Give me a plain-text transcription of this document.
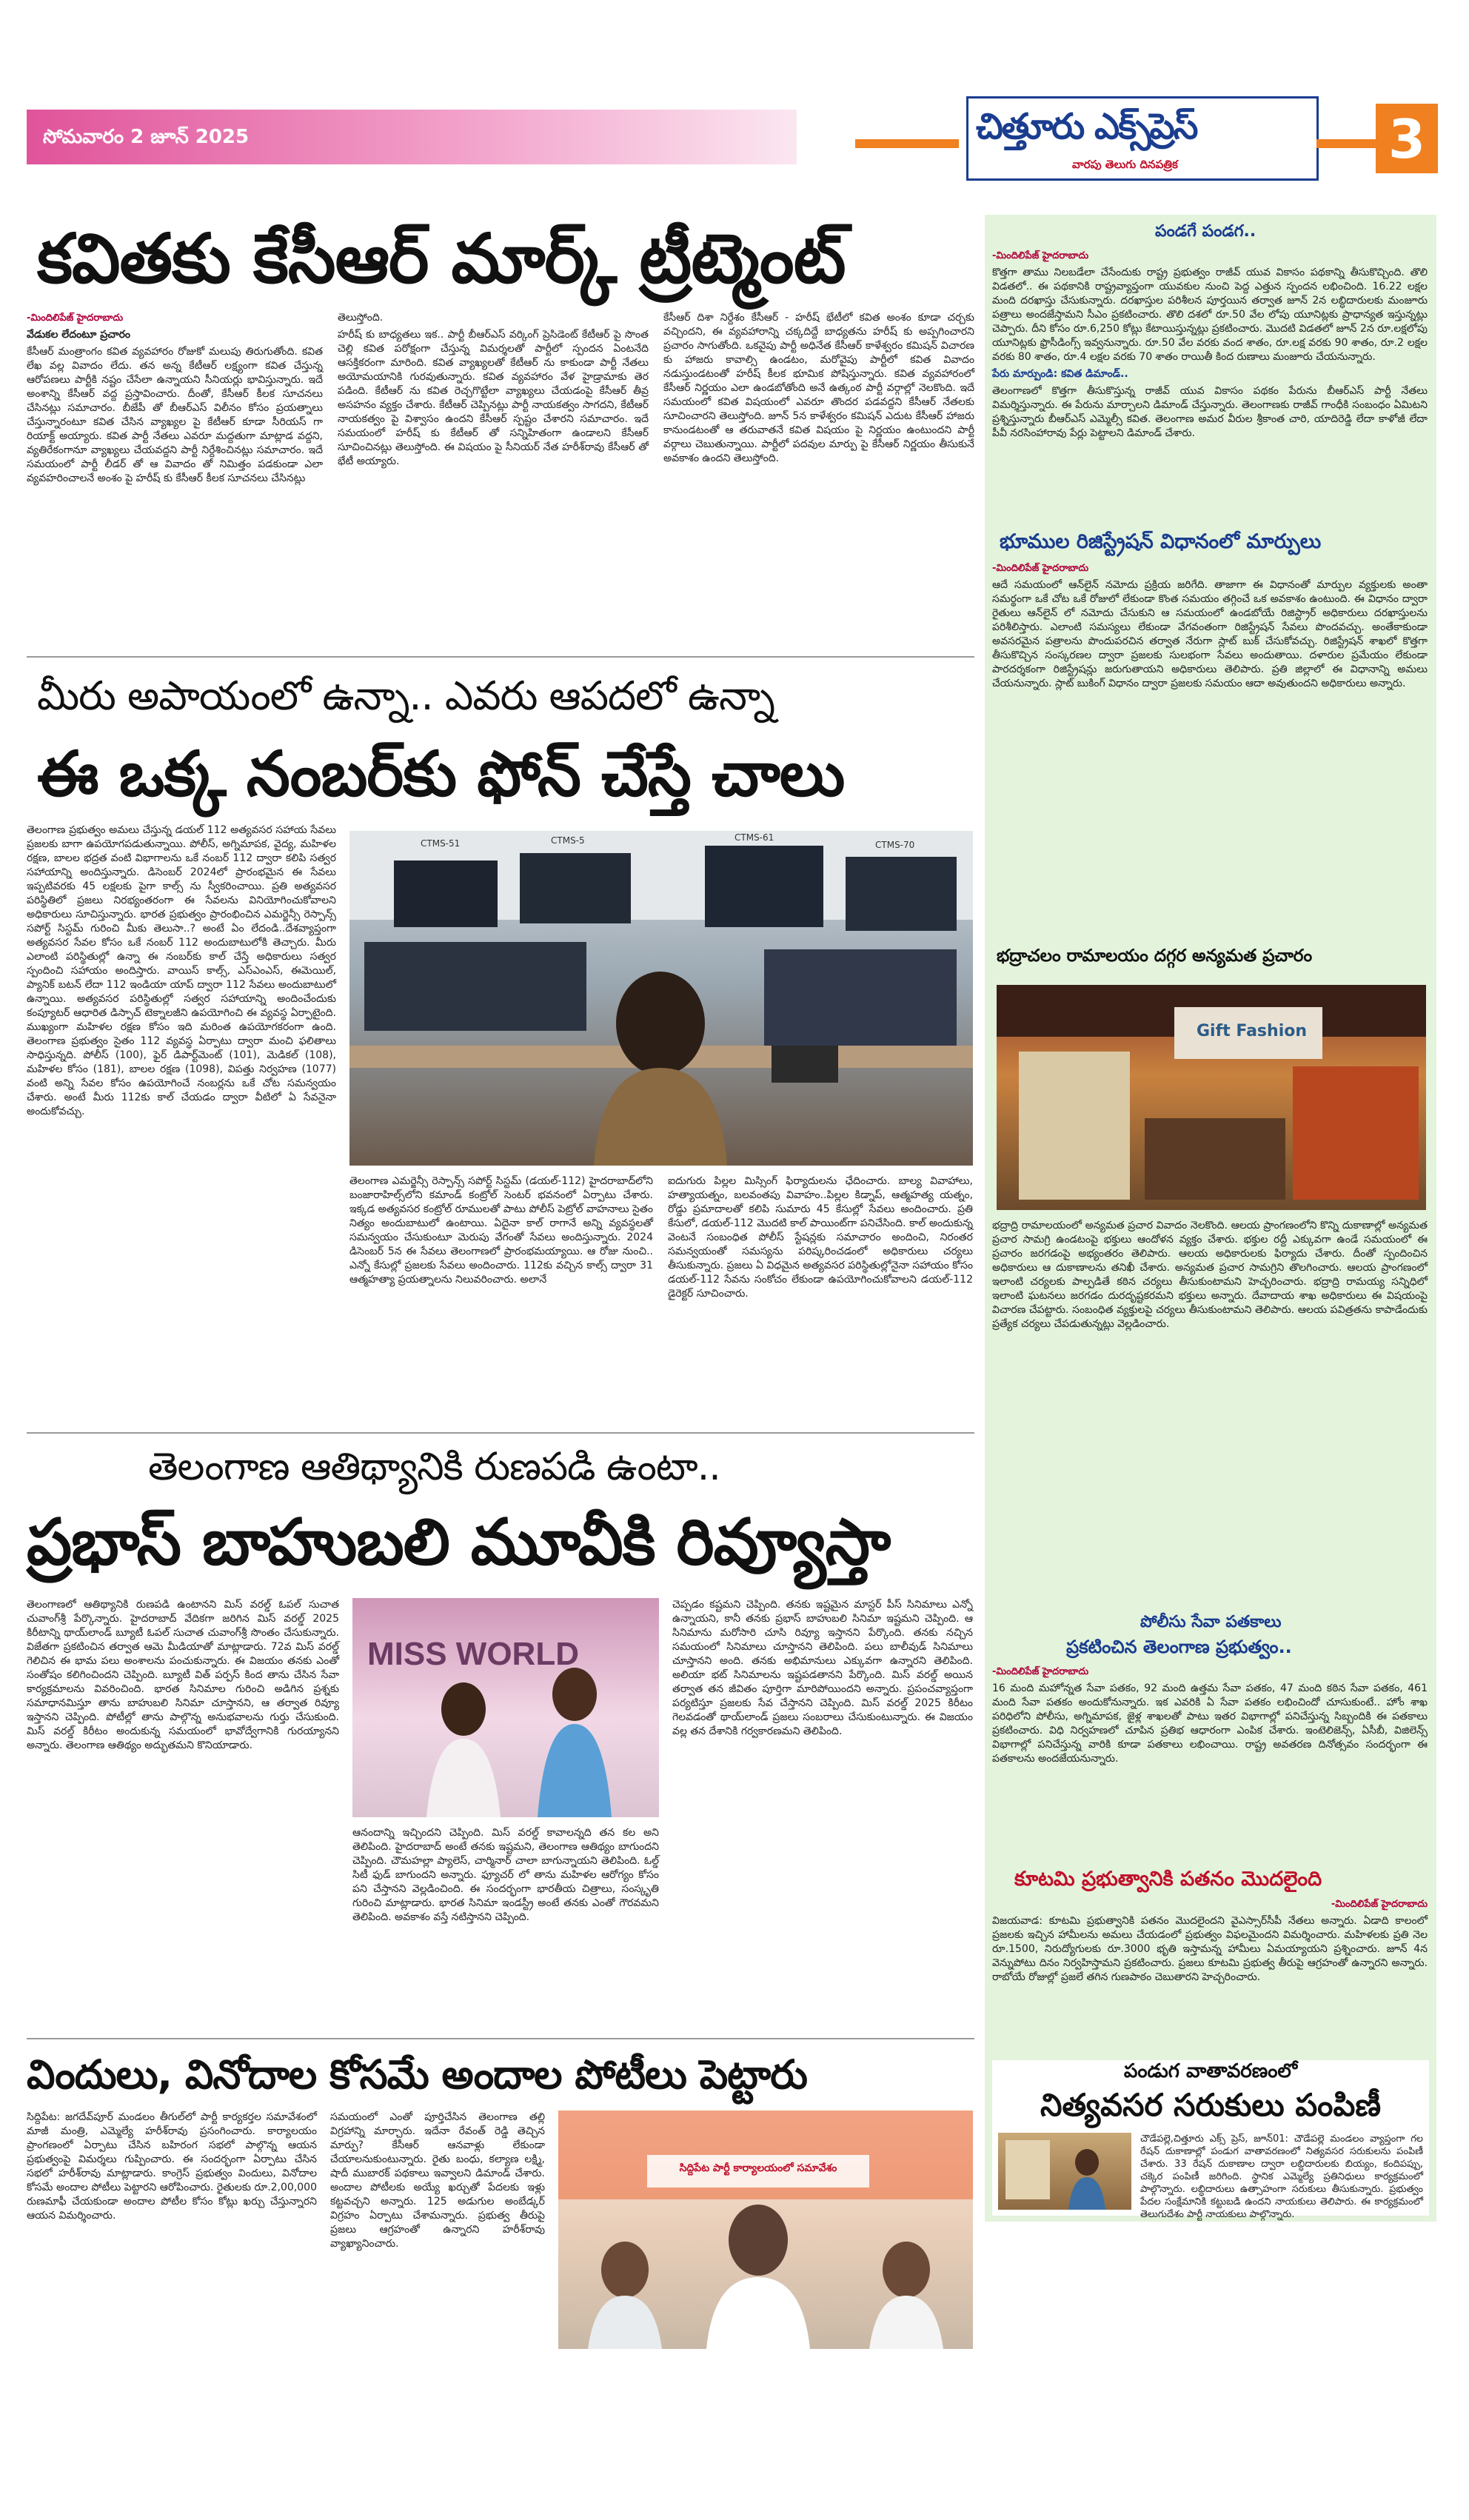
సోమవారం 2 జూన్ 2025	చిత్తూరు ఎక్స్‌ప్రెస్
వారపు తెలుగు దినపత్రిక	3
కవితకు కేసీఆర్ మార్క్ ట్రీట్మెంట్
-మిందిలిపేజ్ హైదరాబాదు

వేడుకల లేదంటూ ప్రచారం

కేసీఆర్ మంత్రాంగం కవిత వ్యవహారం రోజుకో మలుపు తిరుగుతోంది. కవిత లేఖ వల్ల వివాదం లేదు. తన అన్న కేటీఆర్ లక్ష్యంగా కవిత చేస్తున్న ఆరోపణలు పార్టీకి నష్టం చేసేలా ఉన్నాయని సీనియర్లు భావిస్తున్నారు. ఇదే అంశాన్ని కేసీఆర్ వద్ద ప్రస్తావించారు. దీంతో, కేసీఆర్ కీలక సూచనలు చేసినట్లు సమాచారం. బీజేపీ తో బీఆర్ఎస్ విలీనం కోసం ప్రయత్నాలు చేస్తున్నారంటూ కవిత చేసిన వ్యాఖ్యల పై కేటీఆర్ కూడా సీరియస్ గా రియాక్ట్ అయ్యారు. కవిత పార్టీ నేతలు ఎవరూ మద్దతుగా మాట్లాడ వద్దని, వ్యతిరేకంగానూ వ్యాఖ్యలు చేయవద్దని పార్టీ నిర్దేశించినట్లు సమాచారం. ఇదే సమయంలో పార్టీ లీడర్ తో ఆ వివాదం తో నిమిత్తం పడకుండా ఎలా వ్యవహరించాలనే అంశం పై హరీష్ కు కేసీఆర్ కీలక సూచనలు చేసినట్లు

తెలుస్తోంది.

హరీష్ కు బాధ్యతలు ఇక.. పార్టీ బీఆర్ఎస్ వర్కింగ్ ప్రెసిడెంట్ కేటీఆర్ పై సొంత చెల్లి కవిత పరోక్షంగా చేస్తున్న విమర్శలతో పార్టీలో స్పందన ఏంటనేది ఆసక్తికరంగా మారింది. కవిత వ్యాఖ్యలతో కేటీఆర్ ను కాకుండా పార్టీ నేతలు అయోమయానికి గురవుతున్నారు. కవిత వ్యవహారం వేళ హైడ్రామాకు తెర పడింది. కేటీఆర్ ను కవిత రెచ్చగొట్టేలా వ్యాఖ్యలు చేయడంపై కేసీఆర్ తీవ్ర అసహనం వ్యక్తం చేశారు. కేటీఆర్ చెప్పినట్లు పార్టీ నాయకత్వం సాగదని, కేటీఆర్ నాయకత్వం పై విశ్వాసం ఉందని కేసీఆర్ స్పష్టం చేశారని సమాచారం. ఇదే సమయంలో హరీష్ కు కేటీఆర్ తో సన్నిహితంగా ఉండాలని కేసీఆర్ సూచించినట్లు తెలుస్తోంది. ఈ విషయం పై సీనియర్ నేత హరీశ్‌రావు కేసీఆర్ తో భేటీ అయ్యారు.

కేసీఆర్ దిశా నిర్దేశం కేసీఆర్ - హరీష్ భేటీలో కవిత అంశం కూడా చర్చకు వచ్చిందని, ఈ వ్యవహారాన్ని చక్కదిద్దే బాధ్యతను హరీష్ కు అప్పగించారని ప్రచారం సాగుతోంది. ఒకవైపు పార్టీ అధినేత కేసీఆర్ కాళేశ్వరం కమిషన్ విచారణ కు హాజరు కావాల్సి ఉండటం, మరోవైపు పార్టీలో కవిత వివాదం నడుస్తుండటంతో హరీష్ కీలక భూమిక పోషిస్తున్నారు. కవిత వ్యవహారంలో కేసీఆర్ నిర్ణయం ఎలా ఉండబోతోంది అనే ఉత్కంఠ పార్టీ వర్గాల్లో నెలకొంది. ఇదే సమయంలో కవిత విషయంలో ఎవరూ తొందర పడవద్దని కేసీఆర్ నేతలకు సూచించారని తెలుస్తోంది. జూన్ 5న కాళేశ్వరం కమిషన్ ఎదుట కేసీఆర్ హాజరు కానుండటంతో ఆ తరువాతనే కవిత విషయం పై నిర్ణయం ఉంటుందని పార్టీ వర్గాలు చెబుతున్నాయి. పార్టీలో పదవుల మార్పు పై కేసీఆర్ నిర్ణయం తీసుకునే అవకాశం ఉందని తెలుస్తోంది.

మీరు అపాయంలో ఉన్నా.. ఎవరు ఆపదలో ఉన్నా
ఈ ఒక్క నంబర్‌కు ఫోన్ చేస్తే చాలు

తెలంగాణ ప్రభుత్వం అమలు చేస్తున్న డయల్ 112 అత్యవసర సహాయ సేవలు ప్రజలకు బాగా ఉపయోగపడుతున్నాయి. పోలీస్, అగ్నిమాపక, వైద్య, మహిళల రక్షణ, బాలల భద్రత వంటి విభాగాలను ఒకే నంబర్ 112 ద్వారా కలిపి సత్వర సహాయాన్ని అందిస్తున్నారు. డిసెంబర్ 2024లో ప్రారంభమైన ఈ సేవలు ఇప్పటివరకు 45 లక్షలకు పైగా కాల్స్ ను స్వీకరించాయి. ప్రతి అత్యవసర పరిస్థితిలో ప్రజలు నిరభ్యంతరంగా ఈ సేవలను వినియోగించుకోవాలని అధికారులు సూచిస్తున్నారు. భారత ప్రభుత్వం ప్రారంభించిన ఎమర్జెన్సీ రెస్పాన్స్ సపోర్ట్ సిస్టమ్ గురించి మీకు తెలుసా..? అంటే ఏం లేదండి..దేశవ్యాప్తంగా అత్యవసర సేవల కోసం ఒకే నంబర్ 112 అందుబాటులోకి తెచ్చారు. మీరు ఎలాంటి పరిస్థితుల్లో ఉన్నా ఈ నంబర్‌కు కాల్ చేస్తే అధికారులు సత్వర స్పందించి సహాయం అందిస్తారు. వాయిస్ కాల్స్, ఎస్ఎంఎస్, ఈమెయిల్, ప్యానిక్ బటన్ లేదా 112 ఇండియా యాప్ ద్వారా 112 సేవలు అందుబాటులో ఉన్నాయి. అత్యవసర పరిస్థితుల్లో సత్వర సహాయాన్ని అందించేందుకు కంప్యూటర్ ఆధారిత డిస్పాచ్ టెక్నాలజీని ఉపయోగించి ఈ వ్యవస్థ ఏర్పాటైంది. ముఖ్యంగా మహిళల రక్షణ కోసం ఇది మరింత ఉపయోగకరంగా ఉంది. తెలంగాణ ప్రభుత్వం సైతం 112 వ్యవస్థ ఏర్పాటు ద్వారా మంచి ఫలితాలు సాధిస్తున్నది. పోలీస్ (100), ఫైర్ డిపార్ట్‌మెంట్ (101), మెడికల్ (108), మహిళల కోసం (181), బాలల రక్షణ (1098), విపత్తు నిర్వహణ (1077) వంటి అన్ని సేవల కోసం ఉపయోగించే నంబర్లను ఒకే చోట సమన్వయం చేశారు. అంటే మీరు 112కు కాల్ చేయడం ద్వారా వీటిలో ఏ సేవనైనా అందుకోవచ్చు.

CTMS-51	CTMS-5	CTMS-61
CTMS-70

తెలంగాణ ఎమర్జెన్సీ రెస్పాన్స్ సపోర్ట్ సిస్టమ్ (డయల్-112) హైదరాబాద్‌లోని బంజారాహిల్స్‌లోని కమాండ్ కంట్రోల్ సెంటర్ భవనంలో ఏర్పాటు చేశారు. ఇక్కడ అత్యవసర కంట్రోల్ రూములతో పాటు పోలీస్ పెట్రోల్ వాహనాలు సైతం నిత్యం అందుబాటులో ఉంటాయి. ఏదైనా కాల్ రాగానే అన్ని వ్యవస్థలతో సమన్వయం చేసుకుంటూ మెరుపు వేగంతో సేవలు అందిస్తున్నారు. 2024 డిసెంబర్ 5న ఈ సేవలు తెలంగాణలో ప్రారంభమయ్యాయి. ఆ రోజు నుంచి.. ఎన్నో కేసుల్లో ప్రజలకు సేవలు అందించారు. 112కు వచ్చిన కాల్స్ ద్వారా 31 ఆత్మహత్యా ప్రయత్నాలను నిలువరించారు. అలానే

ఐదుగురు పిల్లల మిస్సింగ్ ఫిర్యాదులను ఛేదించారు. బాల్య వివాహాలు, హత్యాయత్నం, బలవంతపు వివాహం..పిల్లల కిడ్నాప్, ఆత్మహత్య యత్నం, రోడ్డు ప్రమాదాలతో కలిపి సుమారు 45 కేసుల్లో సేవలు అందించారు. ప్రతి కేసులో, డయల్-112 మొదటి కాల్ పాయింట్‌గా పనిచేసింది. కాల్ అందుకున్న వెంటనే సంబంధిత పోలీస్ స్టేషన్లకు సమాచారం అందించి, నిరంతర సమన్వయంతో సమస్యను పరిష్కరించడంలో అధికారులు చర్యలు తీసుకున్నారు. ప్రజలు ఏ విధమైన అత్యవసర పరిస్థితుల్లోనైనా సహాయం కోసం డయల్-112 సేవను సంకోచం లేకుండా ఉపయోగించుకోవాలని డయల్-112 డైరెక్టర్ సూచించారు.

తెలంగాణ ఆతిథ్యానికి రుణపడి ఉంటా..
ప్రభాస్ బాహుబలి మూవీకి రివ్యూస్తా

తెలంగాణలో ఆతిథ్యానికి రుణపడి ఉంటానని మిస్ వరల్డ్ ఓపల్ సుచాత చువాంగ్‌శ్రీ పేర్కొన్నారు. హైదరాబాద్ వేదికగా జరిగిన మిస్ వరల్డ్ 2025 కిరీటాన్ని థాయ్‌లాండ్ బ్యూటీ ఓపల్ సుచాత చువాంగ్‌శ్రీ సొంతం చేసుకున్నారు. విజేతగా ప్రకటించిన తర్వాత ఆమె మీడియాతో మాట్లాడారు. 72వ మిస్ వరల్డ్ గెలిచిన ఈ భామ పలు అంశాలను పంచుకున్నారు. ఈ విజయం తనకు ఎంతో సంతోషం కలిగించిందని చెప్పింది. బ్యూటీ విత్ పర్పస్ కింద తాను చేసిన సేవా కార్యక్రమాలను వివరించింది. భారత సినిమాల గురించి అడిగిన ప్రశ్నకు సమాధానమిస్తూ తాను బాహుబలి సినిమా చూస్తానని, ఆ తర్వాత రివ్యూ ఇస్తానని చెప్పింది. పోటీల్లో తాను పాల్గొన్న అనుభవాలను గుర్తు చేసుకుంది. మిస్ వరల్డ్ కిరీటం అందుకున్న సమయంలో భావోద్వేగానికి గురయ్యానని అన్నారు. తెలంగాణ ఆతిథ్యం అద్భుతమని కొనియాడారు.

MISS WORLD

ఆనందాన్ని ఇచ్చిందని చెప్పింది. మిస్ వరల్డ్ కావాలన్నది తన కల అని తెలిపింది. హైదరాబాద్ అంటే తనకు ఇష్టమని, తెలంగాణ ఆతిథ్యం బాగుందని చెప్పింది. చౌమహల్లా ప్యాలెస్, చార్మినార్ చాలా బాగున్నాయని తెలిపింది. ఓల్డ్ సిటీ ఫుడ్ బాగుందని అన్నారు. ఫ్యూచర్ లో తాను మహిళల ఆరోగ్యం కోసం పని చేస్తానని వెల్లడించింది. ఈ సందర్భంగా భారతీయ చిత్రాలు, సంస్కృతి గురించి మాట్లాడారు. భారత సినిమా ఇండస్ట్రీ అంటే తనకు ఎంతో గౌరవమని తెలిపింది. అవకాశం వస్తే నటిస్తానని చెప్పింది.

చెప్పడం కష్టమని చెప్పింది. తనకు ఇష్టమైన మాస్టర్ పీస్ సినిమాలు ఎన్నో ఉన్నాయని, కానీ తనకు ప్రభాస్ బాహుబలి సినిమా ఇష్టమని చెప్పింది. ఆ సినిమాను మరోసారి చూసి రివ్యూ ఇస్తానని పేర్కొంది. తనకు నచ్చిన సమయంలో సినిమాలు చూస్తానని తెలిపింది. పలు బాలీవుడ్ సినిమాలు చూస్తానని అంది. తనకు అభిమానులు ఎక్కువగా ఉన్నారని తెలిపింది. అలియా భట్ సినిమాలను ఇష్టపడతానని పేర్కొంది. మిస్ వరల్డ్ అయిన తర్వాత తన జీవితం పూర్తిగా మారిపోయిందని అన్నారు. ప్రపంచవ్యాప్తంగా పర్యటిస్తూ ప్రజలకు సేవ చేస్తానని చెప్పింది. మిస్ వరల్డ్ 2025 కిరీటం గెలవడంతో థాయ్‌లాండ్ ప్రజలు సంబరాలు చేసుకుంటున్నారు. ఈ విజయం వల్ల తన దేశానికి గర్వకారణమని తెలిపింది.

విందులు, వినోదాల కోసమే అందాల పోటీలు పెట్టారు

సిద్దిపేట: జగదేవ్‌పూర్ మండలం తీగుల్‌లో పార్టీ కార్యకర్తల సమావేశంలో మాజీ మంత్రి, ఎమ్మెల్యే హరీశ్‌రావు ప్రసంగించారు. కార్యాలయం ప్రాంగణంలో ఏర్పాటు చేసిన బహిరంగ సభలో పాల్గొన్న ఆయన ప్రభుత్వంపై విమర్శలు గుప్పించారు. ఈ సందర్భంగా ఏర్పాటు చేసిన సభలో హరీశ్‌రావు మాట్లాడారు. కాంగ్రెస్ ప్రభుత్వం విందులు, వినోదాల కోసమే అందాల పోటీలు పెట్టారని ఆరోపించారు. రైతులకు రూ.2,00,000 రుణమాఫీ చేయకుండా అందాల పోటీల కోసం కోట్లు ఖర్చు చేస్తున్నారని ఆయన విమర్శించారు.

సమయంలో ఎంతో పూర్తిచేసిన తెలంగాణ తల్లి విగ్రహాన్ని మార్చారు. ఇదేనా రేవంత్ రెడ్డి తెచ్చిన మార్పు? కేసీఆర్ ఆనవాళ్లు లేకుండా చేయాలనుకుంటున్నారు. రైతు బంధు, కల్యాణ లక్ష్మి, షాదీ ముబారక్ పథకాలు ఇవ్వాలని డిమాండ్ చేశారు. అందాల పోటీలకు అయ్యే ఖర్చుతో పేదలకు ఇళ్లు కట్టవచ్చని అన్నారు. 125 అడుగుల అంబేడ్కర్ విగ్రహం ఏర్పాటు చేశామన్నారు. ప్రభుత్వ తీరుపై ప్రజలు ఆగ్రహంతో ఉన్నారని హరీశ్‌రావు వ్యాఖ్యానించారు.

సిద్దిపేట పార్టీ కార్యాలయంలో సమావేశం
పండగే పండగ..
-మిందిలిపేజ్ హైదరాబాదు

కొత్తగా తాము నిలబడేలా చేసేందుకు రాష్ట్ర ప్రభుత్వం రాజీవ్ యువ వికాసం పథకాన్ని తీసుకొచ్చింది. తొలి విడతలో.. ఈ పథకానికి రాష్ట్రవ్యాప్తంగా యువకుల నుంచి పెద్ద ఎత్తున స్పందన లభించింది. 16.22 లక్షల మంది దరఖాస్తు చేసుకున్నారు. దరఖాస్తుల పరిశీలన పూర్తయిన తర్వాత జూన్ 2న లబ్ధిదారులకు మంజూరు పత్రాలు అందజేస్తామని సీఎం ప్రకటించారు. తొలి దశలో రూ.50 వేల లోపు యూనిట్లకు ప్రాధాన్యత ఇస్తున్నట్లు చెప్పారు. దీని కోసం రూ.6,250 కోట్లు కేటాయిస్తున్నట్లు ప్రకటించారు. మొదటి విడతలో జూన్ 2న రూ.లక్షలోపు యూనిట్లకు ఫ్రొసీడింగ్స్ ఇవ్వనున్నారు. రూ.50 వేల వరకు వంద శాతం, రూ.లక్ష వరకు 90 శాతం, రూ.2 లక్షల వరకు 80 శాతం, రూ.4 లక్షల వరకు 70 శాతం రాయితీ కింద రుణాలు మంజూరు చేయనున్నారు.

పేరు మార్పుండి: కవిత డిమాండ్..

తెలంగాణలో కొత్తగా తీసుకొస్తున్న రాజీవ్ యువ వికాసం పథకం పేరును బీఆర్ఎస్ పార్టీ నేతలు విమర్శిస్తున్నారు. ఈ పేరును మార్చాలని డిమాండ్ చేస్తున్నారు. తెలంగాణకు రాజీవ్ గాంధీకి సంబంధం ఏమిటని ప్రశ్నిస్తున్నారు బీఆర్ఎస్ ఎమ్మెల్సీ కవిత. తెలంగాణ అమర వీరుల శ్రీకాంత చారి, యాదిరెడ్డి లేదా కాళోజీ లేదా పీవీ నరసింహారావు పేర్లు పెట్టాలని డిమాండ్ చేశారు.

భూముల రిజిస్ట్రేషన్ విధానంలో మార్పులు
-మిందిలిపేజ్ హైదరాబాదు

ఆదే సమయంలో ఆన్‌లైన్ నమోదు ప్రక్రియ జరిగేది. తాజాగా ఈ విధానంతో మార్పుల వ్యక్తులకు అంతా సమర్థంగా ఒకే చోట ఒకే రోజులో లేకుండా కొంత సమయం తగ్గించే ఒక అవకాశం ఉంటుంది. ఈ విధానం ద్వారా రైతులు ఆన్‌లైన్ లో నమోదు చేసుకుని ఆ సమయంలో ఉండబోయే రిజిస్ట్రార్ అధికారులు దరఖాస్తులను పరిశీలిస్తారు. ఎలాంటి సమస్యలు లేకుండా వేగవంతంగా రిజిస్ట్రేషన్ సేవలు పొందవచ్చు. అంతేకాకుండా అవసరమైన పత్రాలను పొందుపరచిన తర్వాత నేరుగా స్లాట్ బుక్ చేసుకోవచ్చు. రిజిస్ట్రేషన్ శాఖలో కొత్తగా తీసుకొచ్చిన సంస్కరణల ద్వారా ప్రజలకు సులభంగా సేవలు అందుతాయి. దళారుల ప్రమేయం లేకుండా పారదర్శకంగా రిజిస్ట్రేషన్లు జరుగుతాయని అధికారులు తెలిపారు. ప్రతి జిల్లాలో ఈ విధానాన్ని అమలు చేయనున్నారు. స్లాట్ బుకింగ్ విధానం ద్వారా ప్రజలకు సమయం ఆదా అవుతుందని అధికారులు అన్నారు.

భద్రాచలం రామాలయం దగ్గర అన్యమత ప్రచారం
Gift Fashion

భద్రాద్రి రామాలయంలో అన్యమత ప్రచార వివాదం నెలకొంది. ఆలయ ప్రాంగణంలోని కొన్ని దుకాణాల్లో అన్యమత ప్రచార సామగ్రి ఉండటంపై భక్తులు ఆందోళన వ్యక్తం చేశారు. భక్తుల రద్దీ ఎక్కువగా ఉండే సమయంలో ఈ ప్రచారం జరగడంపై అభ్యంతరం తెలిపారు. ఆలయ అధికారులకు ఫిర్యాదు చేశారు. దీంతో స్పందించిన అధికారులు ఆ దుకాణాలను తనిఖీ చేశారు. అన్యమత ప్రచార సామగ్రిని తొలగించారు. ఆలయ ప్రాంగణంలో ఇలాంటి చర్యలకు పాల్పడితే కఠిన చర్యలు తీసుకుంటామని హెచ్చరించారు. భద్రాద్రి రామయ్య సన్నిధిలో ఇలాంటి ఘటనలు జరగడం దురదృష్టకరమని భక్తులు అన్నారు. దేవాదాయ శాఖ అధికారులు ఈ విషయంపై విచారణ చేపట్టారు. సంబంధిత వ్యక్తులపై చర్యలు తీసుకుంటామని తెలిపారు. ఆలయ పవిత్రతను కాపాడేందుకు ప్రత్యేక చర్యలు చేపడుతున్నట్లు వెల్లడించారు.

పోలీసు సేవా పతకాలు
ప్రకటించిన తెలంగాణ ప్రభుత్వం..
-మిందిలిపేజ్ హైదరాబాదు

16 మంది మహోన్నత సేవా పతకం, 92 మంది ఉత్తమ సేవా పతకం, 47 మంది కఠిన సేవా పతకం, 461 మంది సేవా పతకం అందుకోనున్నారు. ఇక ఎవరికి ఏ సేవా పతకం లభించిందో చూసుకుంటే.. హోం శాఖ పరిధిలోని పోలీసు, అగ్నిమాపక, జైళ్ల శాఖలతో పాటు ఇతర విభాగాల్లో పనిచేస్తున్న సిబ్బందికి ఈ పతకాలు ప్రకటించారు. విధి నిర్వహణలో చూపిన ప్రతిభ ఆధారంగా ఎంపిక చేశారు. ఇంటెలిజెన్స్, ఏసీబీ, విజిలెన్స్ విభాగాల్లో పనిచేస్తున్న వారికి కూడా పతకాలు లభించాయి. రాష్ట్ర అవతరణ దినోత్సవం సందర్భంగా ఈ పతకాలను అందజేయనున్నారు.

కూటమి ప్రభుత్వానికి పతనం మొదలైంది
-మిందిలిపేజ్ హైదరాబాదు

విజయవాడ: కూటమి ప్రభుత్వానికి పతనం మొదలైందని వైఎస్సార్‌సీపీ నేతలు అన్నారు. ఏడాది కాలంలో ప్రజలకు ఇచ్చిన హామీలను అమలు చేయడంలో ప్రభుత్వం విఫలమైందని విమర్శించారు. మహిళలకు ప్రతి నెల రూ.1500, నిరుద్యోగులకు రూ.3000 భృతి ఇస్తామన్న హామీలు ఏమయ్యాయని ప్రశ్నించారు. జూన్ 4న వెన్నుపోటు దినం నిర్వహిస్తామని ప్రకటించారు. ప్రజలు కూటమి ప్రభుత్వ తీరుపై ఆగ్రహంతో ఉన్నారని అన్నారు. రాబోయే రోజుల్లో ప్రజలే తగిన గుణపాఠం చెబుతారని హెచ్చరించారు.

పండుగ వాతావరణంలో
నిత్యవసర సరుకులు పంపిణీ

చౌడేపల్లె,చిత్తూరు ఎక్స్ ప్రెస్, జూన్01: చౌడేపల్లె మండలం వ్యాప్తంగా గల రేషన్ దుకాణాల్లో పండుగ వాతావరణంలో నిత్యవసర సరుకులను పంపిణీ చేశారు. 33 రేషన్ దుకాణాల ద్వారా లబ్ధిదారులకు బియ్యం, కందిపప్పు, చక్కెర పంపిణీ జరిగింది. స్థానిక ఎమ్మెల్యే ప్రతినిధులు కార్యక్రమంలో పాల్గొన్నారు. లబ్ధిదారులు ఉత్సాహంగా సరుకులు తీసుకున్నారు. ప్రభుత్వం పేదల సంక్షేమానికి కట్టుబడి ఉందని నాయకులు తెలిపారు. ఈ కార్యక్రమంలో తెలుగుదేశం పార్టీ నాయకులు పాల్గొన్నారు.
